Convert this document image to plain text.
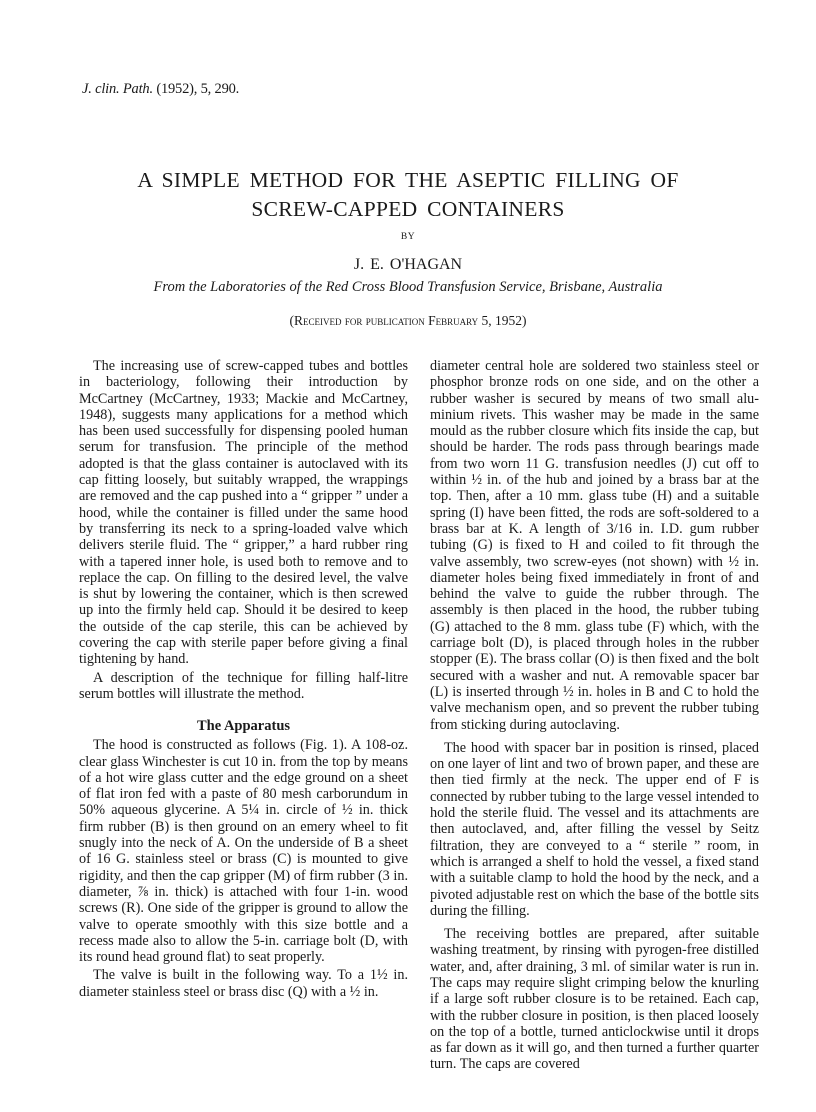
J. clin. Path. (1952), 5, 290.
A SIMPLE METHOD FOR THE ASEPTIC FILLING OF
SCREW-CAPPED CONTAINERS
BY
J. E. O'HAGAN
From the Laboratories of the Red Cross Blood Transfusion Service, Brisbane, Australia
(Received for publication February 5, 1952)

The increasing use of screw-capped tubes and bottles in bacteriology, following their introduction by McCartney (McCartney, 1933; Mackie and McCartney, 1948), suggests many applications for a method which has been used successfully for dispensing pooled human serum for transfusion. The principle of the method adopted is that the glass container is autoclaved with its cap fitting loosely, but suitably wrapped, the wrappings are removed and the cap pushed into a “ gripper ” under a hood, while the container is filled under the same hood by transferring its neck to a spring-loaded valve which delivers sterile fluid. The “ gripper,” a hard rubber ring with a tapered inner hole, is used both to remove and to replace the cap. On filling to the desired level, the valve is shut by lowering the container, which is then screwed up into the firmly held cap. Should it be desired to keep the outside of the cap sterile, this can be achieved by covering the cap with sterile paper before giving a final tightening by hand.

A description of the technique for filling half-litre serum bottles will illustrate the method.

The Apparatus

The hood is constructed as follows (Fig. 1). A 108-oz. clear glass Winchester is cut 10 in. from the top by means of a hot wire glass cutter and the edge ground on a sheet of flat iron fed with a paste of 80 mesh carborundum in 50% aqueous glycerine. A 5¼ in. circle of ½ in. thick firm rubber (B) is then ground on an emery wheel to fit snugly into the neck of A. On the underside of B a sheet of 16 G. stainless steel or brass (C) is mounted to give rigidity, and then the cap gripper (M) of firm rubber (3 in. diameter, ⅞ in. thick) is attached with four 1-in. wood screws (R). One side of the gripper is ground to allow the valve to operate smoothly with this size bottle and a recess made also to allow the 5-in. carriage bolt (D, with its round head ground flat) to seat properly.

The valve is built in the following way. To a 1½ in. diameter stainless steel or brass disc (Q) with a ½ in.

diameter central hole are soldered two stainless steel or phosphor bronze rods on one side, and on the other a rubber washer is secured by means of two small aluminium rivets. This washer may be made in the same mould as the rubber closure which fits inside the cap, but should be harder. The rods pass through bearings made from two worn 11 G. transfusion needles (J) cut off to within ½ in. of the hub and joined by a brass bar at the top. Then, after a 10 mm. glass tube (H) and a suitable spring (I) have been fitted, the rods are soft-soldered to a brass bar at K. A length of 3/16 in. I.D. gum rubber tubing (G) is fixed to H and coiled to fit through the valve assembly, two screw-eyes (not shown) with ½ in. diameter holes being fixed immediately in front of and behind the valve to guide the rubber through. The assembly is then placed in the hood, the rubber tubing (G) attached to the 8 mm. glass tube (F) which, with the carriage bolt (D), is placed through holes in the rubber stopper (E). The brass collar (O) is then fixed and the bolt secured with a washer and nut. A removable spacer bar (L) is inserted through ½ in. holes in B and C to hold the valve mechanism open, and so prevent the rubber tubing from sticking during autoclaving.

The hood with spacer bar in position is rinsed, placed on one layer of lint and two of brown paper, and these are then tied firmly at the neck. The upper end of F is connected by rubber tubing to the large vessel intended to hold the sterile fluid. The vessel and its attachments are then autoclaved, and, after filling the vessel by Seitz filtration, they are conveyed to a “ sterile ” room, in which is arranged a shelf to hold the vessel, a fixed stand with a suitable clamp to hold the hood by the neck, and a pivoted adjustable rest on which the base of the bottle sits during the filling.

The receiving bottles are prepared, after suitable washing treatment, by rinsing with pyrogen-free distilled water, and, after draining, 3 ml. of similar water is run in. The caps may require slight crimping below the knurling if a large soft rubber closure is to be retained. Each cap, with the rubber closure in position, is then placed loosely on the top of a bottle, turned anticlockwise until it drops as far down as it will go, and then turned a further quarter turn. The caps are covered
